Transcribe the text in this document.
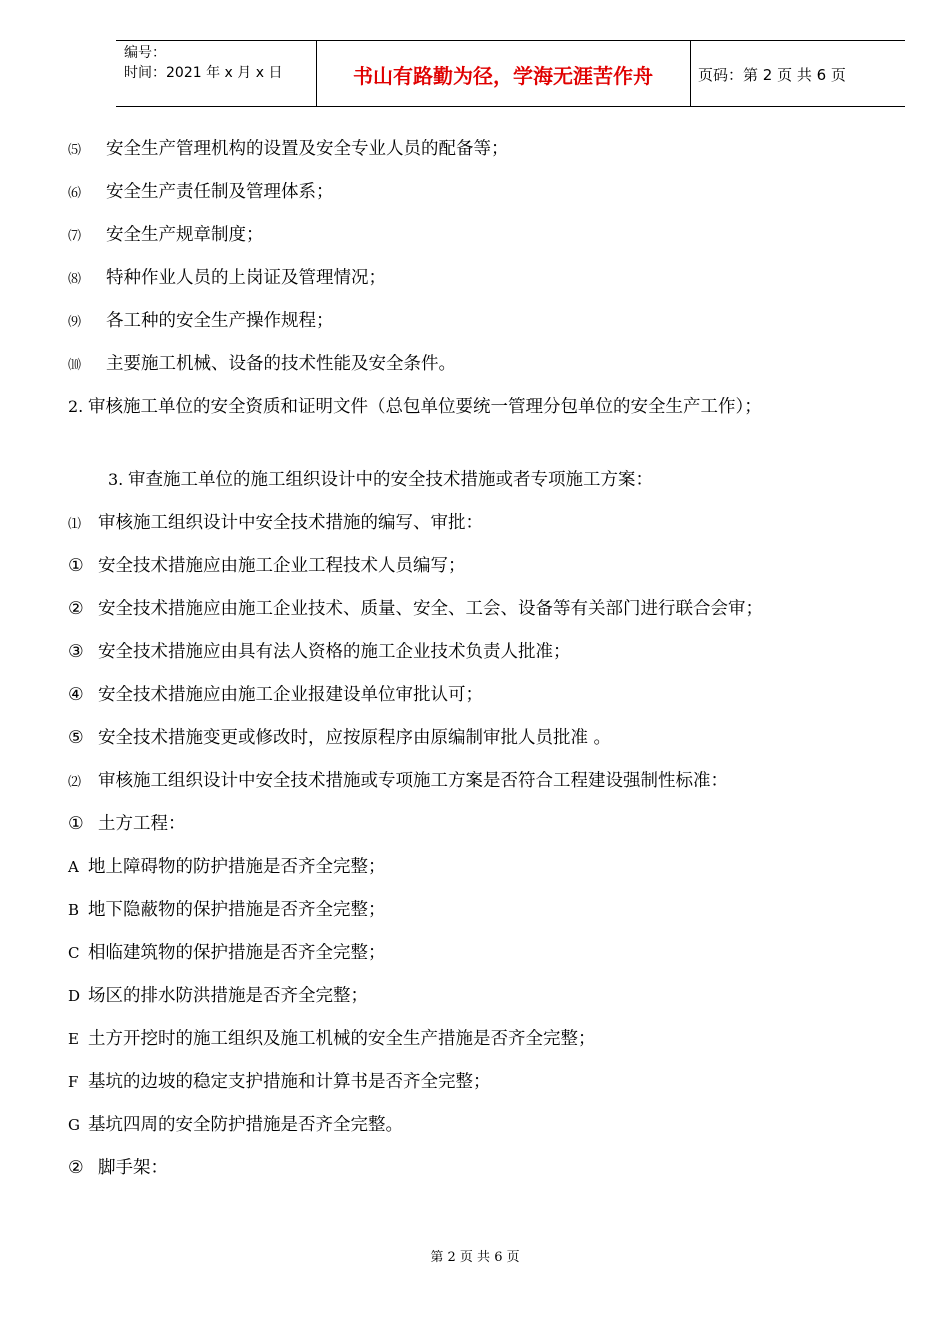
编号：
时间：2021 年 x 月 x 日	书山有路勤为径，学海无涯苦作舟	页码：第 2 页 共 6 页
⑸ 安全生产管理机构的设置及安全专业人员的配备等；
⑹ 安全生产责任制及管理体系；
⑺ 安全生产规章制度；
⑻ 特种作业人员的上岗证及管理情况；
⑼ 各工种的安全生产操作规程；
⑽ 主要施工机械、设备的技术性能及安全条件。
2. 审核施工单位的安全资质和证明文件（总包单位要统一管理分包单位的安全生产工作）；
3. 审查施工单位的施工组织设计中的安全技术措施或者专项施工方案：
⑴ 审核施工组织设计中安全技术措施的编写、审批：
① 安全技术措施应由施工企业工程技术人员编写；
② 安全技术措施应由施工企业技术、质量、安全、工会、设备等有关部门进行联合会审；
③ 安全技术措施应由具有法人资格的施工企业技术负责人批准；
④ 安全技术措施应由施工企业报建设单位审批认可；
⑤ 安全技术措施变更或修改时，应按原程序由原编制审批人员批准 。
⑵ 审核施工组织设计中安全技术措施或专项施工方案是否符合工程建设强制性标准：
① 土方工程：
A 地上障碍物的防护措施是否齐全完整；
B 地下隐蔽物的保护措施是否齐全完整；
C 相临建筑物的保护措施是否齐全完整；
D 场区的排水防洪措施是否齐全完整；
E 土方开挖时的施工组织及施工机械的安全生产措施是否齐全完整；
F 基坑的边坡的稳定支护措施和计算书是否齐全完整；
G 基坑四周的安全防护措施是否齐全完整。
② 脚手架：
第 2 页 共 6 页
